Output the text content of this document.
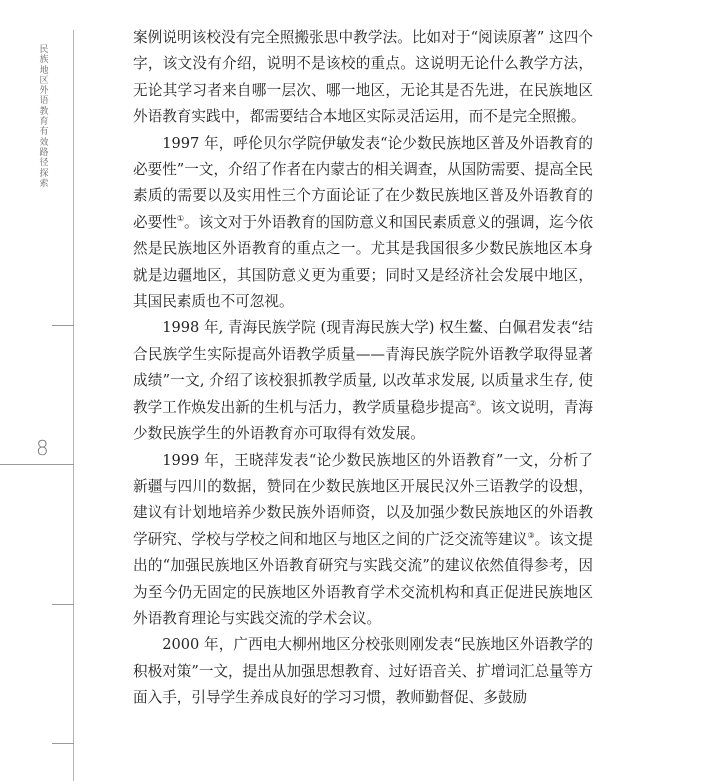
民族地区外语教育有效路径探索
8

案例说明该校没有完全照搬张思中教学法。比如对于“阅读原著” 这四个字，该文没有介绍，说明不是该校的重点。这说明无论什么教学方法，无论其学习者来自哪一层次、哪一地区，无论其是否先进，在民族地区外语教育实践中，都需要结合本地区实际灵活运用，而不是完全照搬。

1997 年，呼伦贝尔学院伊敏发表“论少数民族地区普及外语教育的必要性”一文，介绍了作者在内蒙古的相关调查，从国防需要、提高全民素质的需要以及实用性三个方面论证了在少数民族地区普及外语教育的必要性①。该文对于外语教育的国防意义和国民素质意义的强调，迄今依然是民族地区外语教育的重点之一。尤其是我国很多少数民族地区本身就是边疆地区，其国防意义更为重要；同时又是经济社会发展中地区，其国民素质也不可忽视。

1998 年, 青海民族学院 (现青海民族大学) 权生鳌、白佩君发表“结合民族学生实际提高外语教学质量——青海民族学院外语教学取得显著成绩”一文, 介绍了该校狠抓教学质量, 以改革求发展, 以质量求生存, 使教学工作焕发出新的生机与活力，教学质量稳步提高②。该文说明，青海少数民族学生的外语教育亦可取得有效发展。

1999 年，王晓萍发表“论少数民族地区的外语教育”一文，分析了新疆与四川的数据，赞同在少数民族地区开展民汉外三语教学的设想，建议有计划地培养少数民族外语师资，以及加强少数民族地区的外语教学研究、学校与学校之间和地区与地区之间的广泛交流等建议③。该文提出的“加强民族地区外语教育研究与实践交流”的建议依然值得参考，因为至今仍无固定的民族地区外语教育学术交流机构和真正促进民族地区外语教育理论与实践交流的学术会议。

2000 年，广西电大柳州地区分校张则刚发表“民族地区外语教学的积极对策”一文，提出从加强思想教育、过好语音关、扩增词汇总量等方面入手，引导学生养成良好的学习习惯，教师勤督促、多鼓励
